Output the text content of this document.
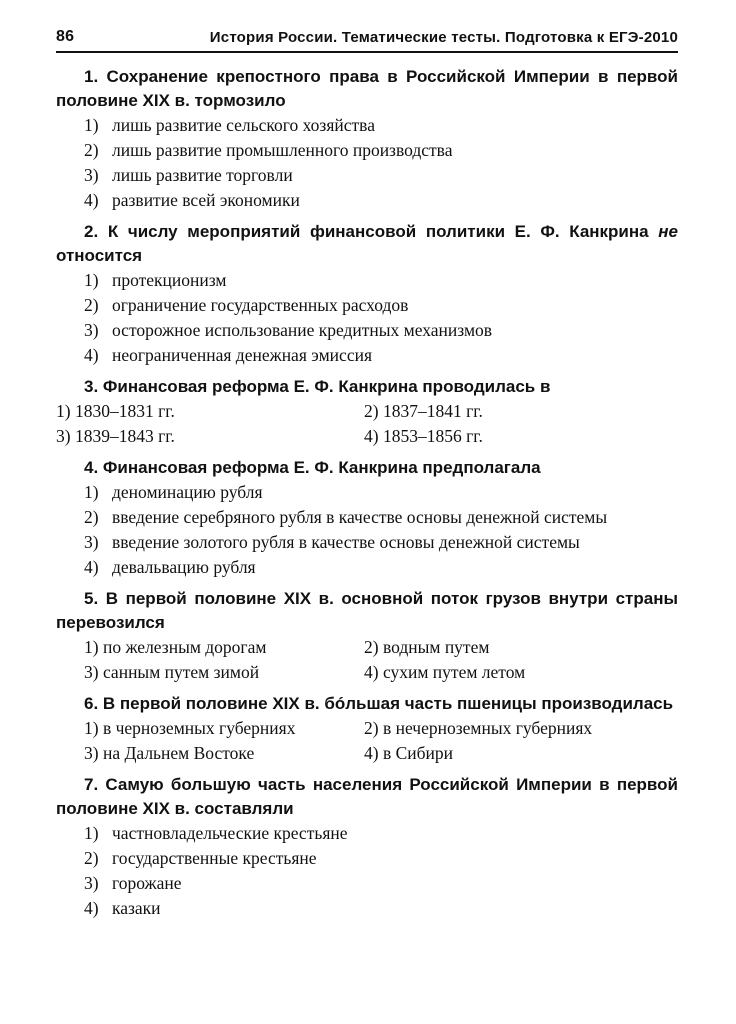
86	История России. Тематические тесты. Подготовка к ЕГЭ-2010

1. Сохранение крепостного права в Российской Империи в первой половине XIX в. тормозило

1) лишь развитие сельского хозяйства
2) лишь развитие промышленного производства
3) лишь развитие торговли
4) развитие всей экономики

2. К числу мероприятий финансовой политики Е. Ф. Канкрина не относится

1) протекционизм
2) ограничение государственных расходов
3) осторожное использование кредитных механизмов
4) неограниченная денежная эмиссия

3. Финансовая реформа Е. Ф. Канкрина проводилась в

1) 1830–1831 гг.	2) 1837–1841 гг.
3) 1839–1843 гг.	4) 1853–1856 гг.

4. Финансовая реформа Е. Ф. Канкрина предполагала

1) деноминацию рубля
2) введение серебряного рубля в качестве основы денежной системы
3) введение золотого рубля в качестве основы денежной системы
4) девальвацию рубля

5. В первой половине XIX в. основной поток грузов внутри страны перевозился

1) по железным дорогам	2) водным путем
3) санным путем зимой	4) сухим путем летом

6. В первой половине XIX в. бóльшая часть пшеницы производилась

1) в черноземных губерниях	2) в нечерноземных губерниях
3) на Дальнем Востоке	4) в Сибири

7. Самую большую часть населения Российской Империи в первой половине XIX в. составляли

1) частновладельческие крестьяне
2) государственные крестьяне
3) горожане
4) казаки
